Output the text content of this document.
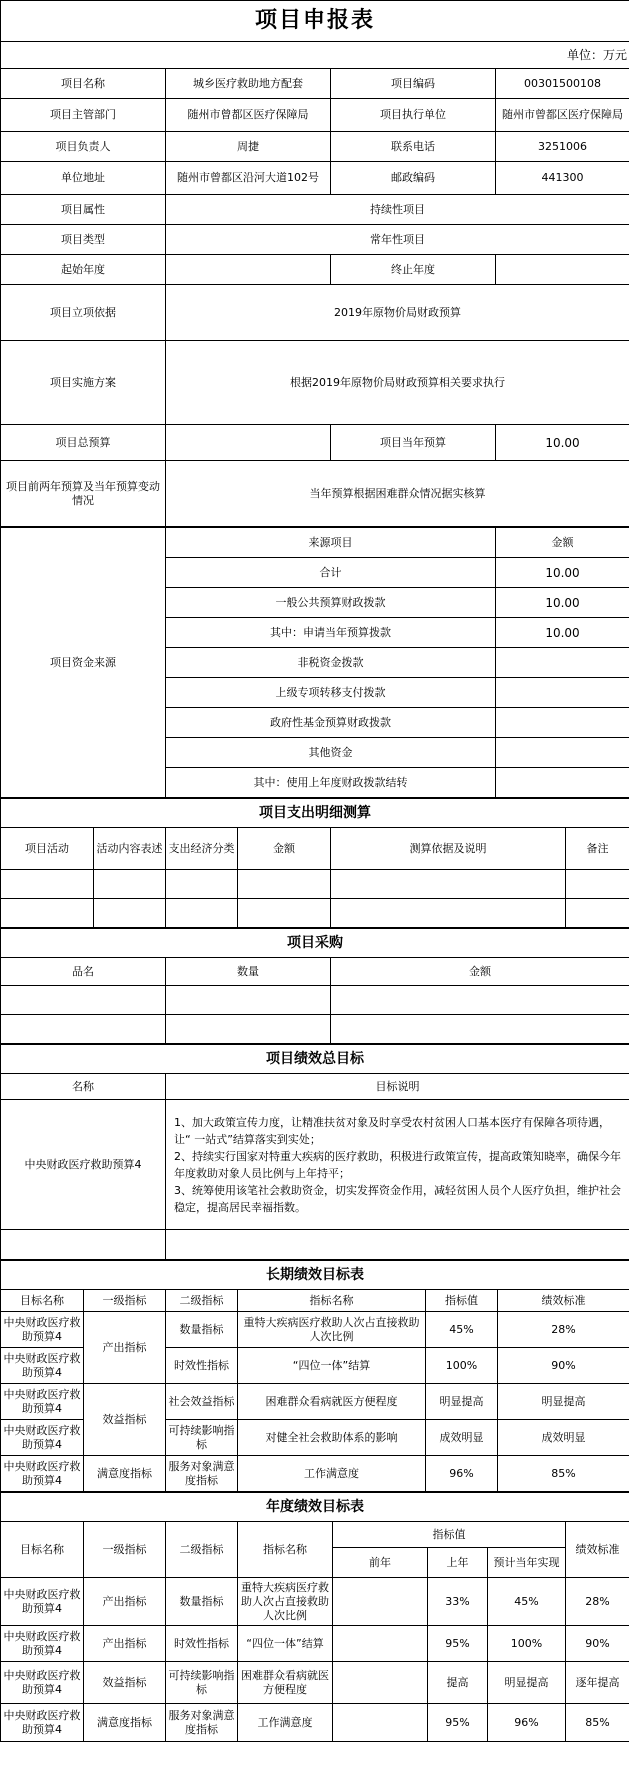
项目申报表			
单位：万元			
项目名称	城乡医疗救助地方配套	项目编码	00301500108
项目主管部门	随州市曾都区医疗保障局	项目执行单位	随州市曾都区医疗保障局
项目负责人	周捷	联系电话	3251006
单位地址	随州市曾都区沿河大道102号	邮政编码	441300
项目属性	持续性项目		
项目类型	常年性项目		
起始年度		终止年度	
项目立项依据	2019年原物价局财政预算		
项目实施方案	根据2019年原物价局财政预算相关要求执行		
项目总预算		项目当年预算	10.00
项目前两年预算及当年预算变动情况	当年预算根据困难群众情况据实核算		
项目资金来源	来源项目	金额
	合计	10.00
	一般公共预算财政拨款	10.00
	其中：申请当年预算拨款	10.00
	非税资金拨款	
	上级专项转移支付拨款	
	政府性基金预算财政拨款	
	其他资金	
	其中：使用上年度财政拨款结转	
项目支出明细测算					
项目活动	活动内容表述	支出经济分类	金额	测算依据及说明	备注

项目采购		
品名	数量	金额

项目绩效总目标	
名称	目标说明
中央财政医疗救助预算4	1、加大政策宣传力度，让精准扶贫对象及时享受农村贫困人口基本医疗有保障各项待遇，让“ 一站式”结算落实到实处；
2、持续实行国家对特重大疾病的医疗救助，积极进行政策宣传，提高政策知晓率，确保今年年度救助对象人员比例与上年持平；
3、统筹使用该笔社会救助资金，切实发挥资金作用，减轻贫困人员个人医疗负担，维护社会稳定，提高居民幸福指数。

长期绩效目标表					
目标名称	一级指标	二级指标	指标名称	指标值	绩效标准
中央财政医疗救助预算4	产出指标	数量指标	重特大疾病医疗救助人次占直接救助人次比例	45%	28%
中央财政医疗救助预算4		时效性指标	“四位一体”结算	100%	90%
中央财政医疗救助预算4	效益指标	社会效益指标	困难群众看病就医方便程度	明显提高	明显提高
中央财政医疗救助预算4		可持续影响指标	对健全社会救助体系的影响	成效明显	成效明显
中央财政医疗救助预算4	满意度指标	服务对象满意度指标	工作满意度	96%	85%
年度绩效目标表							
目标名称	一级指标	二级指标	指标名称	指标值			绩效标准
				前年	上年	预计当年实现	
中央财政医疗救助预算4	产出指标	数量指标	重特大疾病医疗救助人次占直接救助人次比例		33%	45%	28%
中央财政医疗救助预算4	产出指标	时效性指标	“四位一体”结算		95%	100%	90%
中央财政医疗救助预算4	效益指标	可持续影响指标	困难群众看病就医方便程度		提高	明显提高	逐年提高
中央财政医疗救助预算4	满意度指标	服务对象满意度指标	工作满意度		95%	96%	85%
